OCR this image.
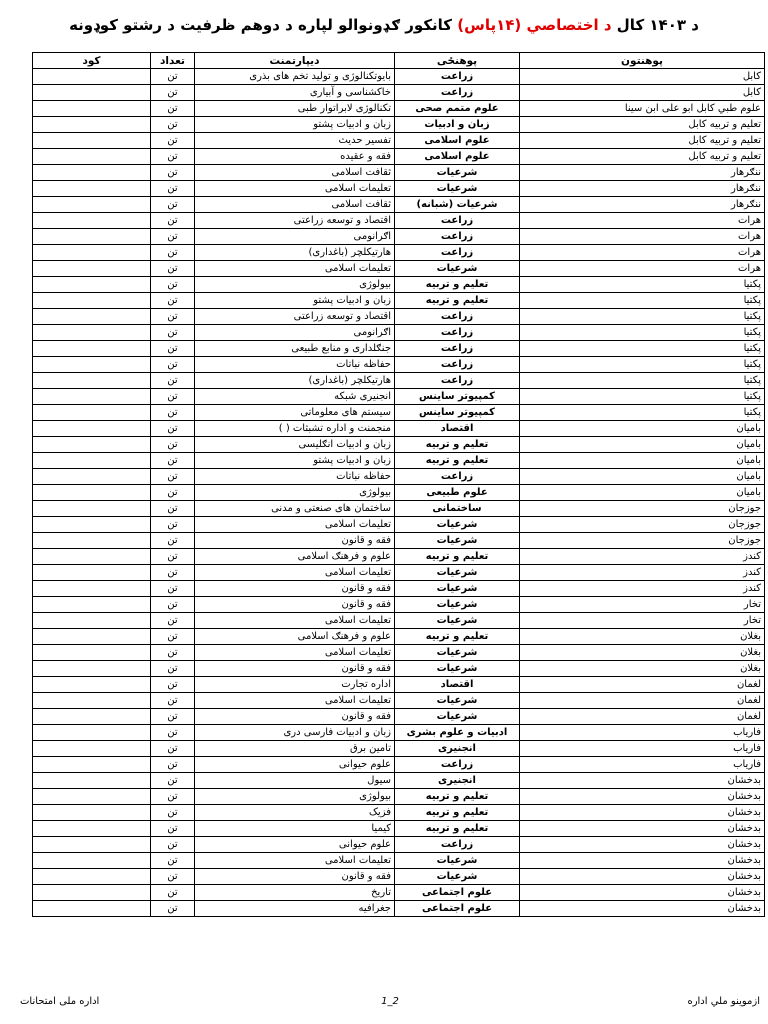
د ۱۴۰۳ کال د اختصاصي (۱۴پاس) کانکور ګډونوالو لپاره د دوهم ظرفیت د رشتو کوډونه
پوهنتون	پوهنځی	دیپارتمنت	تعداد	کود
کابل	زراعت	بایوتکنالوژی و تولید تخم های بذری	تن	
کابل	زراعت	خاکشناسی و آبیاری	تن	
علوم طبي کابل ابو علی ابن سینا	علوم متمم صحی	تکنالوژی لابراتوار طبی	تن	
تعلیم و تربیه کابل	زبان و ادبیات	زبان و ادبیات پشتو	تن	
تعلیم و تربیه کابل	علوم اسلامی	تفسیر حدیث	تن	
تعلیم و تربیه کابل	علوم اسلامی	فقه و عقیده	تن	
ننګرهار	شرعیات	ثقافت اسلامی	تن	
ننګرهار	شرعیات	تعلیمات اسلامی	تن	
ننګرهار	شرعیات (شبانه)	ثقافت اسلامی	تن	
هرات	زراعت	اقتصاد و توسعه زراعتی	تن	
هرات	زراعت	اګرانومی	تن	
هرات	زراعت	هارتیکلچر (باغداری)	تن	
هرات	شرعیات	تعلیمات اسلامی	تن	
پکتیا	تعلیم و تربیه	بیولوژی	تن	
پکتیا	تعلیم و تربیه	زبان و ادبیات پشتو	تن	
پکتیا	زراعت	اقتصاد و توسعه زراعتی	تن	
پکتیا	زراعت	اګرانومی	تن	
پکتیا	زراعت	جنګلداری و منابع طبیعی	تن	
پکتیا	زراعت	حفاظه نباتات	تن	
پکتیا	زراعت	هارتیکلچر (باغداری)	تن	
پکتیا	کمپیوتر ساینس	انجنیری شبکه	تن	
پکتیا	کمپیوتر ساینس	سیستم های معلوماتی	تن	
بامیان	اقتصاد	منجمنت و اداره تشبثات ( )	تن	
بامیان	تعلیم و تربیه	زبان و ادبیات انګلیسی	تن	
بامیان	تعلیم و تربیه	زبان و ادبیات پشتو	تن	
بامیان	زراعت	حفاظه نباتات	تن	
بامیان	علوم طبیعی	بیولوژی	تن	
جوزجان	ساختمانی	ساختمان های صنعتی و مدنی	تن	
جوزجان	شرعیات	تعلیمات اسلامی	تن	
جوزجان	شرعیات	فقه و قانون	تن	
کندز	تعلیم و تربیه	علوم و فرهنګ اسلامی	تن	
کندز	شرعیات	تعلیمات اسلامی	تن	
کندز	شرعیات	فقه و قانون	تن	
تخار	شرعیات	فقه و قانون	تن	
تخار	شرعیات	تعلیمات اسلامی	تن	
بغلان	تعلیم و تربیه	علوم و فرهنګ اسلامی	تن	
بغلان	شرعیات	تعلیمات اسلامی	تن	
بغلان	شرعیات	فقه و قانون	تن	
لغمان	اقتصاد	اداره تجارت	تن	
لغمان	شرعیات	تعلیمات اسلامی	تن	
لغمان	شرعیات	فقه و قانون	تن	
فاریاب	ادبیات و علوم بشری	زبان و ادبیات فارسی دری	تن	
فاریاب	انجنیری	تامین برق	تن	
فاریاب	زراعت	علوم حیوانی	تن	
بدخشان	انجنیری	سیول	تن	
بدخشان	تعلیم و تربیه	بیولوژی	تن	
بدخشان	تعلیم و تربیه	فزیک	تن	
بدخشان	تعلیم و تربیه	کیمیا	تن	
بدخشان	زراعت	علوم حیوانی	تن	
بدخشان	شرعیات	تعلیمات اسلامی	تن	
بدخشان	شرعیات	فقه و قانون	تن	
بدخشان	علوم اجتماعی	تاریخ	تن	
بدخشان	علوم اجتماعی	جغرافیه	تن	
ازموینو ملي اداره
1_2
اداره ملی امتحانات
